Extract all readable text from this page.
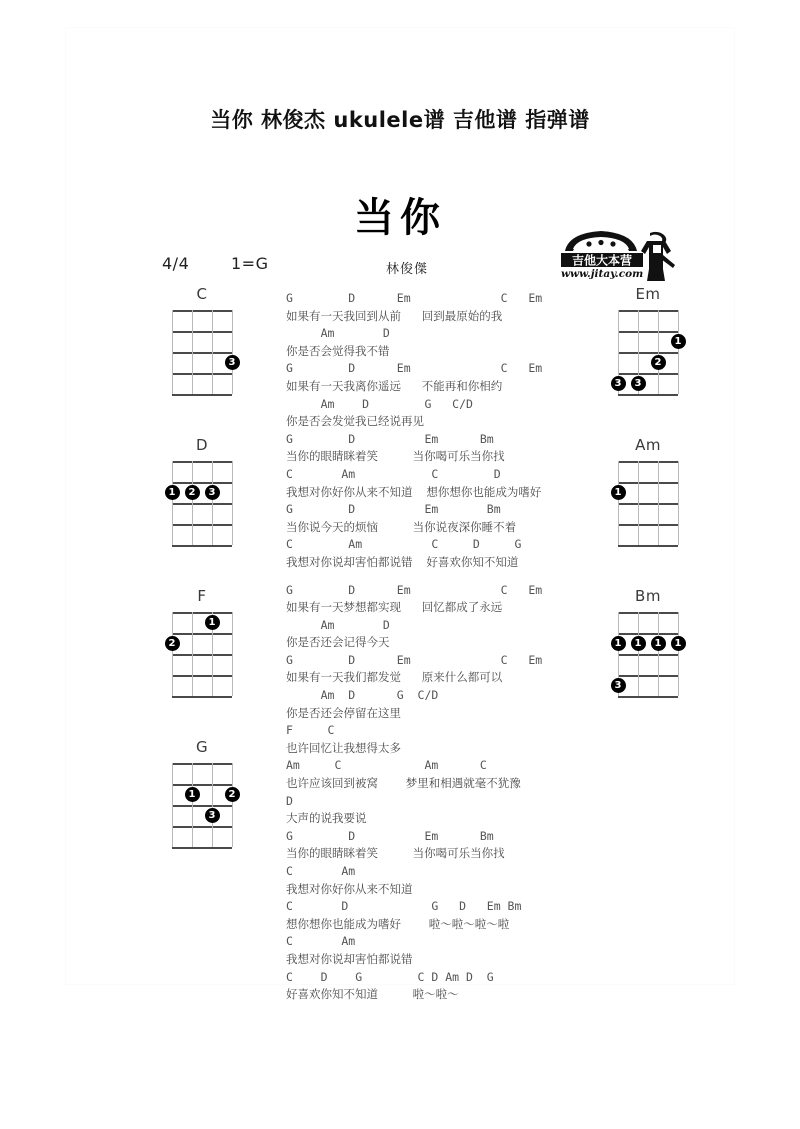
当你 林俊杰 ukulele谱 吉他谱 指弹谱
当你
4/4	1=G	林俊傑
吉他大本营
www.jitay.com
C
3
D
1	2	3
F
1
2
G
1	2
3
Em
1
2
3	3
Am
1
Bm
1	1	1	1
3
G        D      Em             C   Em
如果有一天我回到从前   回到最原始的我
Am       D
你是否会觉得我不错
G        D      Em             C   Em
如果有一天我离你遥远   不能再和你相约
Am    D        G   C/D
你是否会发觉我已经说再见
G        D          Em      Bm
当你的眼睛眯着笑     当你喝可乐当你找
C       Am           C        D
我想对你好你从来不知道  想你想你也能成为嗜好
G        D          Em       Bm
当你说今天的烦恼     当你说夜深你睡不着
C        Am          C     D     G
我想对你说却害怕都说错  好喜欢你知不知道
G        D      Em             C   Em
如果有一天梦想都实现   回忆都成了永远
Am       D
你是否还会记得今天
G        D      Em             C   Em
如果有一天我们都发觉   原来什么都可以
Am  D      G  C/D
你是否还会停留在这里
F     C
也许回忆让我想得太多
Am     C            Am      C
也许应该回到被窝    梦里和相遇就毫不犹豫
D
大声的说我要说
G        D          Em      Bm
当你的眼睛眯着笑     当你喝可乐当你找
C       Am
我想对你好你从来不知道
C       D            G   D   Em Bm
想你想你也能成为嗜好    啦～啦～啦～啦
C       Am
我想对你说却害怕都说错
C    D    G        C D Am D  G
好喜欢你知不知道     啦～啦～
